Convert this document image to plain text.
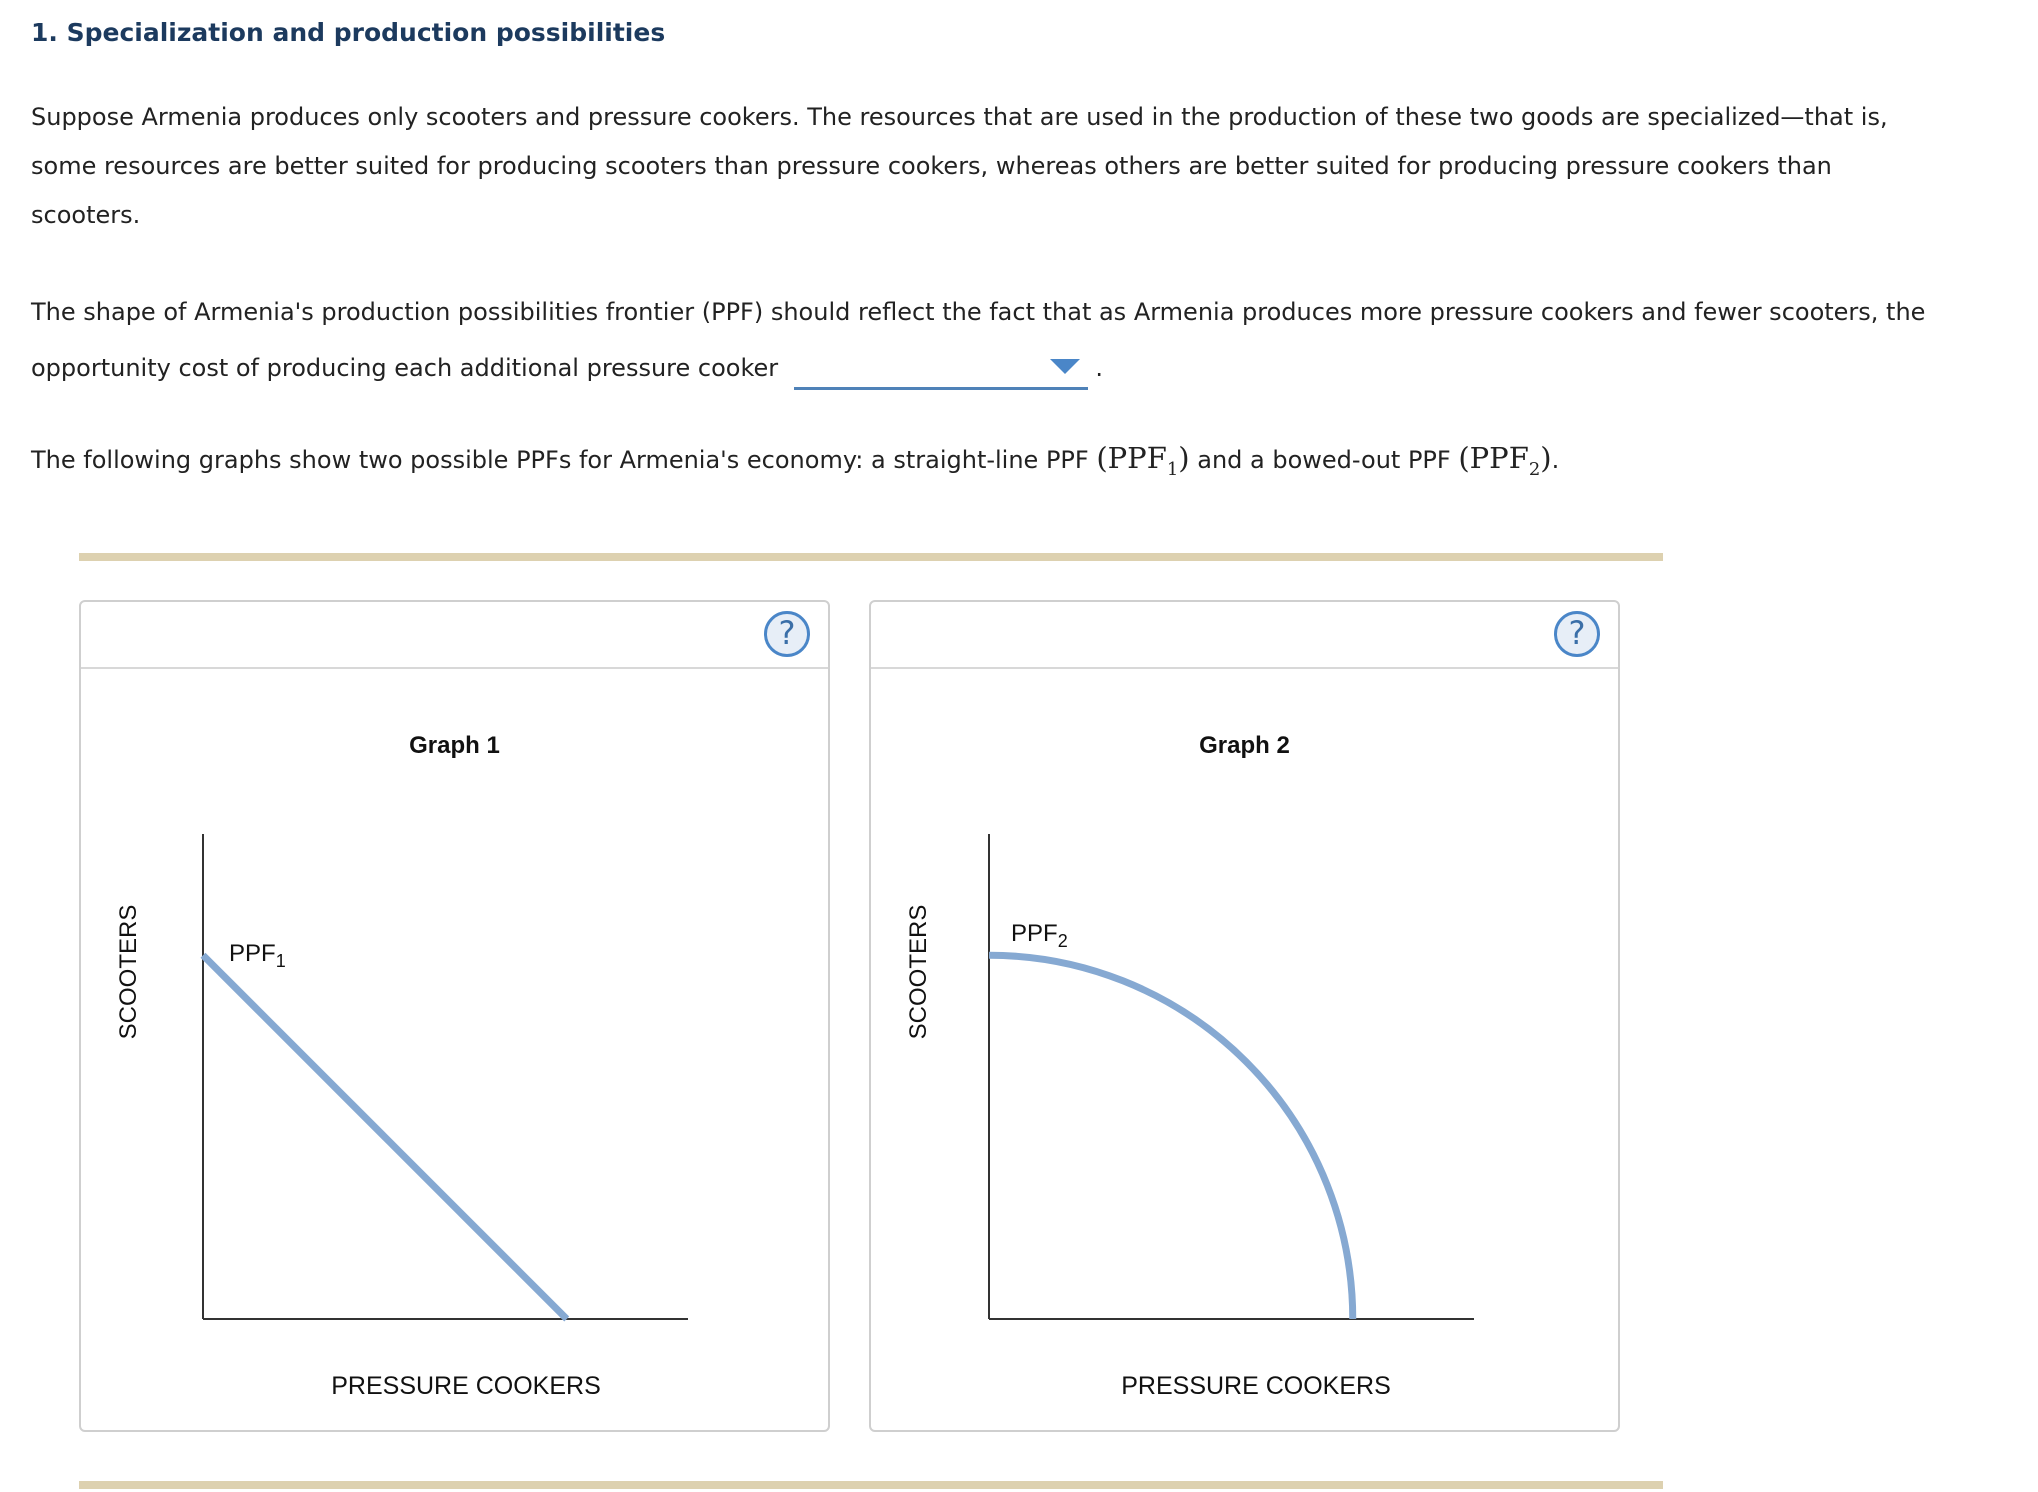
1. Specialization and production possibilities
Suppose Armenia produces only scooters and pressure cookers. The resources that are used in the production of these two goods are specialized—that is, some resources are better suited for producing scooters than pressure cookers, whereas others are better suited for producing pressure cookers than scooters.
The shape of Armenia's production possibilities frontier (PPF) should reflect the fact that as Armenia produces more pressure cookers and fewer scooters, the opportunity cost of producing each additional pressure cooker	.
The following graphs show two possible PPFs for Armenia's economy: a straight-line PPF $(PPF_1)$ and a bowed-out PPF $(PPF_2)$.
?
Graph 1
$PPF_1$
SCOOTERS
PRESSURE COOKERS
?
Graph 2
$PPF_2$
SCOOTERS
PRESSURE COOKERS
